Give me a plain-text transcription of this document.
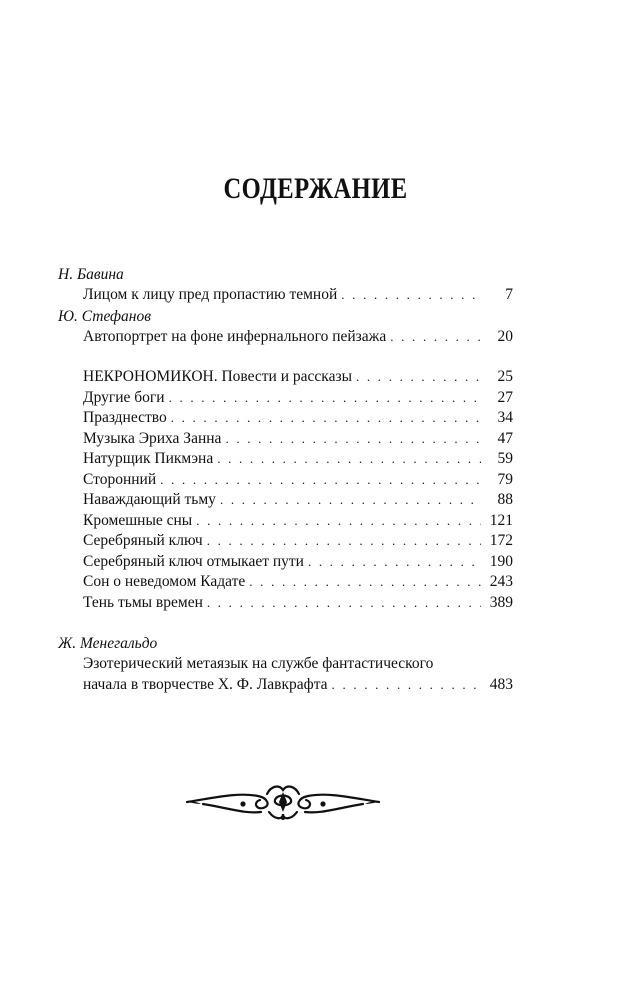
СОДЕРЖАНИЕ
Н. Бавина
Лицом к лицу пред пропастию темной . . .	7
Ю. Стефанов
Автопортрет на фоне инфернального пейзажа . . .	20
НЕКРОНОМИКОН. Повести и рассказы . . .	25
Другие боги . . .	27
Празднество . . .	34
Музыка Эриха Занна . . .	47
Натурщик Пикмэна . . .	59
Сторонний . . .	79
Наваждающий тьму . . .	88
Кромешные сны . . .	121
Серебряный ключ . . .	172
Серебряный ключ отмыкает пути . . .	190
Сон о неведомом Кадате . . .	243
Тень тьмы времен . . .	389
Ж. Менегальдо
Эзотерический метаязык на службе фантастического
начала в творчестве Х. Ф. Лавкрафта . . .	483
